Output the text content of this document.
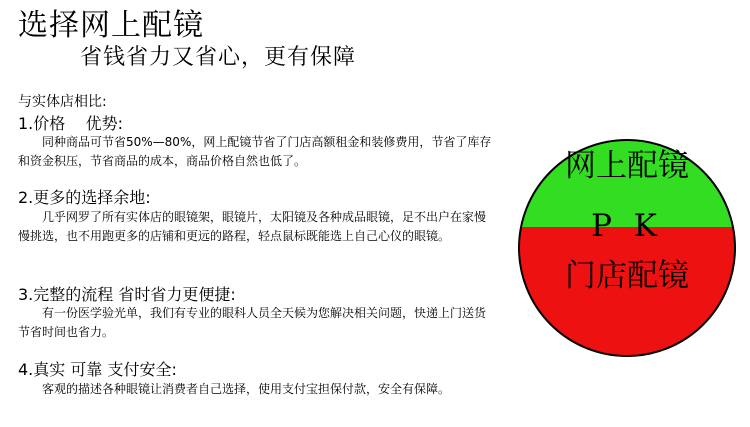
选择网上配镜
省钱省力又省心，更有保障
与实体店相比:
1.价格    优势:
同种商品可节省50%—80%，网上配镜节省了门店高额租金和装修费用，节省了库存和资金积压，节省商品的成本，商品价格自然也低了。
2.更多的选择余地:
几乎网罗了所有实体店的眼镜架，眼镜片，太阳镜及各种成品眼镜，足不出户在家慢慢挑选，也不用跑更多的店铺和更远的路程，轻点鼠标既能选上自己心仪的眼镜。
3.完整的流程 省时省力更便捷:
有一份医学验光单，我们有专业的眼科人员全天候为您解决相关问题，快递上门送货  节省时间也省力。
4.真实 可靠 支付安全:
客观的描述各种眼镜让消费者自己选择，使用支付宝担保付款，安全有保障。
网上配镜
P K
门店配镜
